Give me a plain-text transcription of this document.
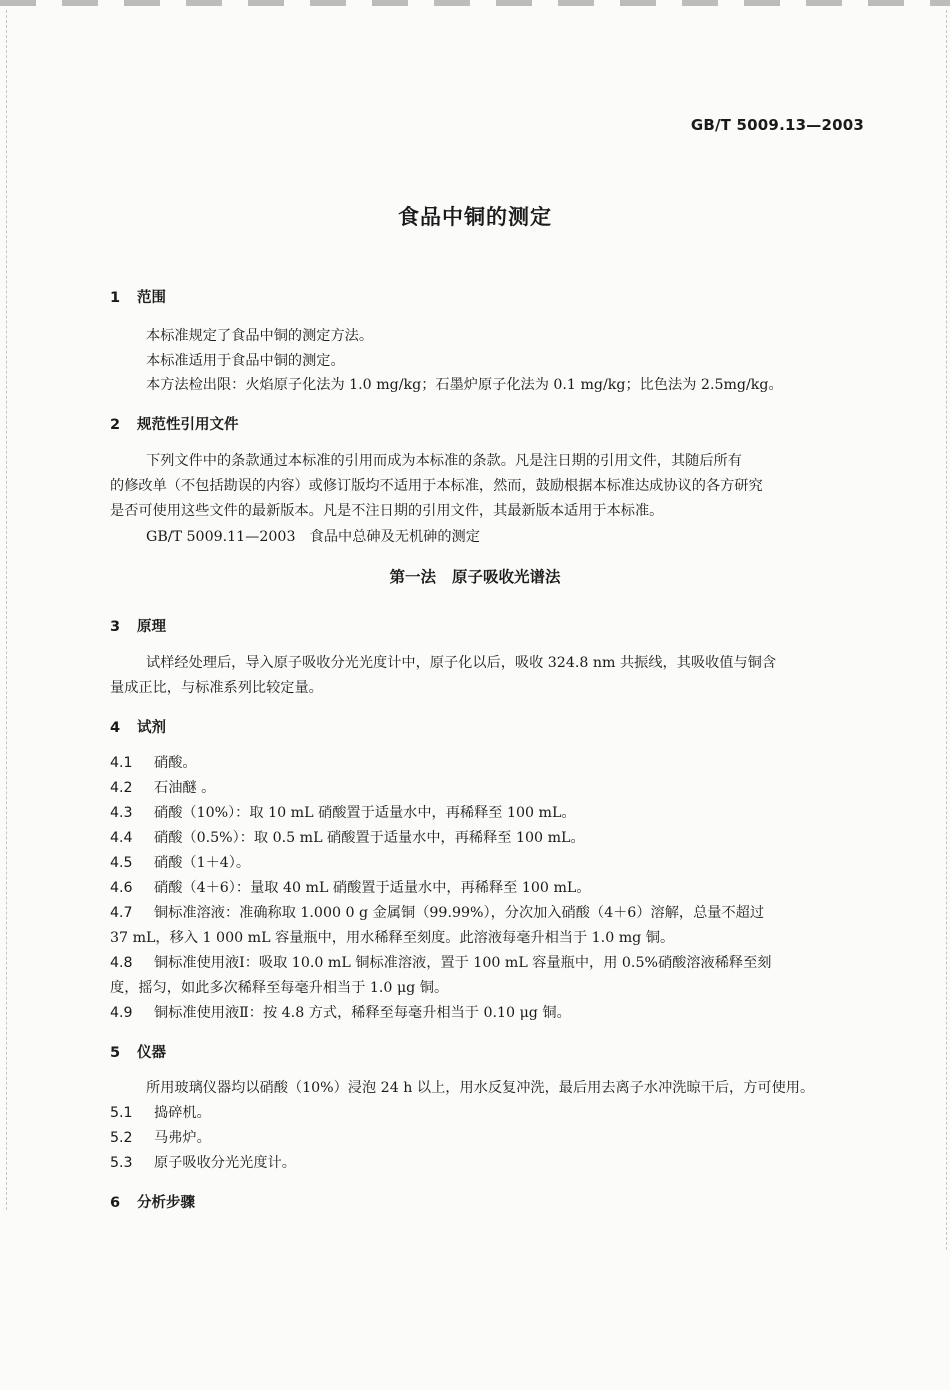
GB/T 5009.13—2003
食品中铜的测定
1 范围
本标准规定了食品中铜的测定方法。
本标准适用于食品中铜的测定。
本方法检出限：火焰原子化法为 1.0 mg/kg；石墨炉原子化法为 0.1 mg/kg；比色法为 2.5mg/kg。
2 规范性引用文件
下列文件中的条款通过本标准的引用而成为本标准的条款。凡是注日期的引用文件，其随后所有
的修改单（不包括勘误的内容）或修订版均不适用于本标准，然而，鼓励根据本标准达成协议的各方研究
是否可使用这些文件的最新版本。凡是不注日期的引用文件，其最新版本适用于本标准。
GB/T 5009.11—2003　食品中总砷及无机砷的测定
第一法 原子吸收光谱法
3 原理
试样经处理后，导入原子吸收分光光度计中，原子化以后，吸收 324.8 nm 共振线，其吸收值与铜含
量成正比，与标准系列比较定量。
4 试剂
4.1 硝酸。
4.2 石油醚 。
4.3 硝酸（10%）：取 10 mL 硝酸置于适量水中，再稀释至 100 mL。
4.4 硝酸（0.5%）：取 0.5 mL 硝酸置于适量水中，再稀释至 100 mL。
4.5 硝酸（1＋4）。
4.6 硝酸（4＋6）：量取 40 mL 硝酸置于适量水中，再稀释至 100 mL。
4.7 铜标准溶液：准确称取 1.000 0 g 金属铜（99.99%），分次加入硝酸（4＋6）溶解，总量不超过
37 mL，移入 1 000 mL 容量瓶中，用水稀释至刻度。此溶液每毫升相当于 1.0 mg 铜。
4.8 铜标准使用液Ⅰ：吸取 10.0 mL 铜标准溶液，置于 100 mL 容量瓶中，用 0.5%硝酸溶液稀释至刻
度，摇匀，如此多次稀释至每毫升相当于 1.0 μg 铜。
4.9 铜标准使用液Ⅱ：按 4.8 方式，稀释至每毫升相当于 0.10 μg 铜。
5 仪器
所用玻璃仪器均以硝酸（10%）浸泡 24 h 以上，用水反复冲洗，最后用去离子水冲洗晾干后，方可使用。
5.1 捣碎机。
5.2 马弗炉。
5.3 原子吸收分光光度计。
6 分析步骤
